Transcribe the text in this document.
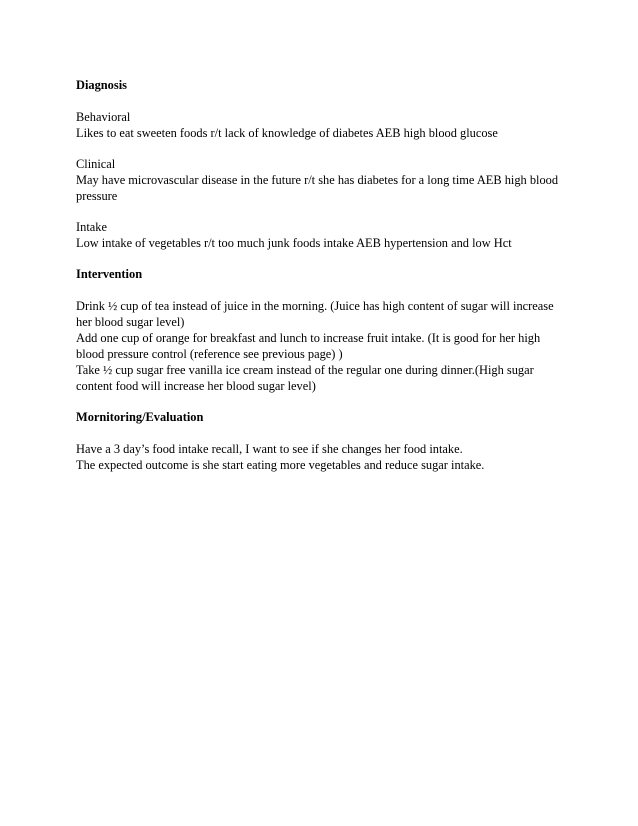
Diagnosis

Behavioral

Likes to eat sweeten foods r/t lack of knowledge of diabetes AEB high blood glucose

Clinical

May have microvascular disease in the future r/t she has diabetes for a long time AEB high blood

pressure

Intake

Low intake of vegetables r/t too much junk foods intake AEB hypertension and low Hct

Intervention

Drink ½ cup of tea instead of juice in the morning. (Juice has high content of sugar will increase

her blood sugar level)

Add one cup of orange for breakfast and lunch to increase fruit intake. (It is good for her high

blood pressure control (reference see previous page) )

Take ½ cup sugar free vanilla ice cream instead of the regular one during dinner.(High sugar

content food will increase her blood sugar level)

Mornitoring/Evaluation

Have a 3 day’s food intake recall, I want to see if she changes her food intake.

The expected outcome is she start eating more vegetables and reduce sugar intake.
